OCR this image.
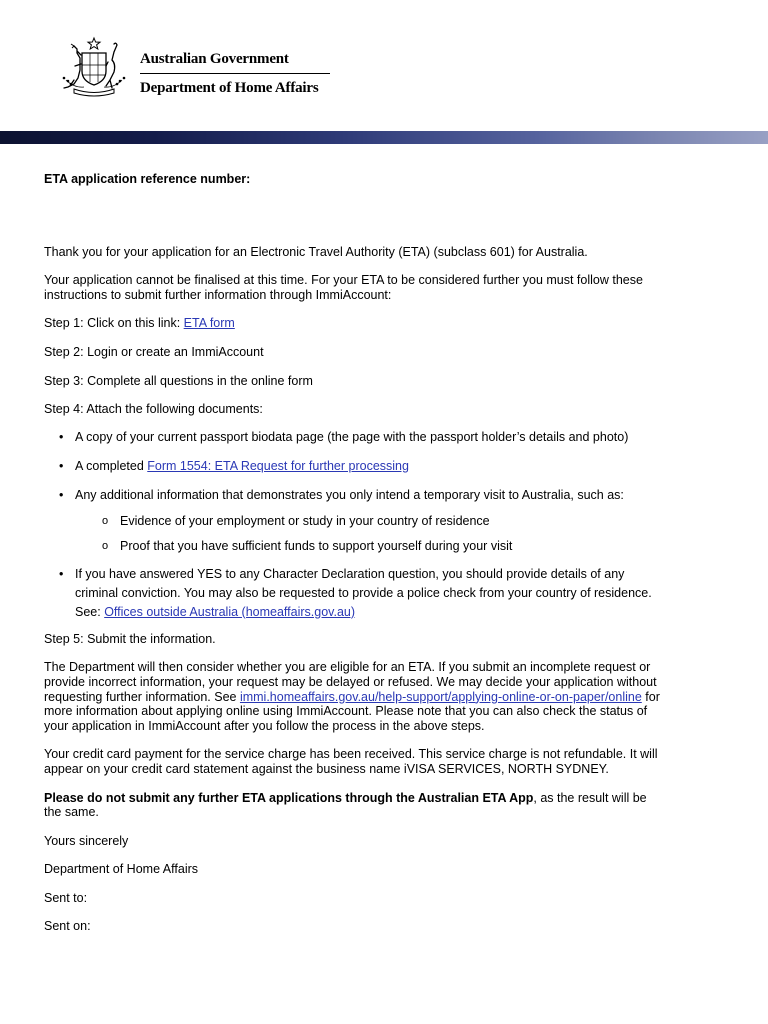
Australian Government
Department of Home Affairs

ETA application reference number:

Thank you for your application for an Electronic Travel Authority (ETA) (subclass 601) for Australia.

Your application cannot be finalised at this time. For your ETA to be considered further you must follow these instructions to submit further information through ImmiAccount:

Step 1: Click on this link: ETA form

Step 2: Login or create an ImmiAccount

Step 3: Complete all questions in the online form

Step 4: Attach the following documents:

• A copy of your current passport biodata page (the page with the passport holder’s details and photo)
• A completed Form 1554: ETA Request for further processing
• Any additional information that demonstrates you only intend a temporary visit to Australia, such as:
o Evidence of your employment or study in your country of residence
o Proof that you have sufficient funds to support yourself during your visit
• If you have answered YES to any Character Declaration question, you should provide details of any criminal conviction. You may also be requested to provide a police check from your country of residence. See: Offices outside Australia (homeaffairs.gov.au)

Step 5: Submit the information.

The Department will then consider whether you are eligible for an ETA. If you submit an incomplete request or provide incorrect information, your request may be delayed or refused. We may decide your application without requesting further information. See immi.homeaffairs.gov.au/help-support/applying-online-or-on-paper/online for more information about applying online using ImmiAccount. Please note that you can also check the status of your application in ImmiAccount after you follow the process in the above steps.

Your credit card payment for the service charge has been received. This service charge is not refundable. It will appear on your credit card statement against the business name iVISA SERVICES, NORTH SYDNEY.

Please do not submit any further ETA applications through the Australian ETA App, as the result will be the same.

Yours sincerely

Department of Home Affairs

Sent to:

Sent on:
